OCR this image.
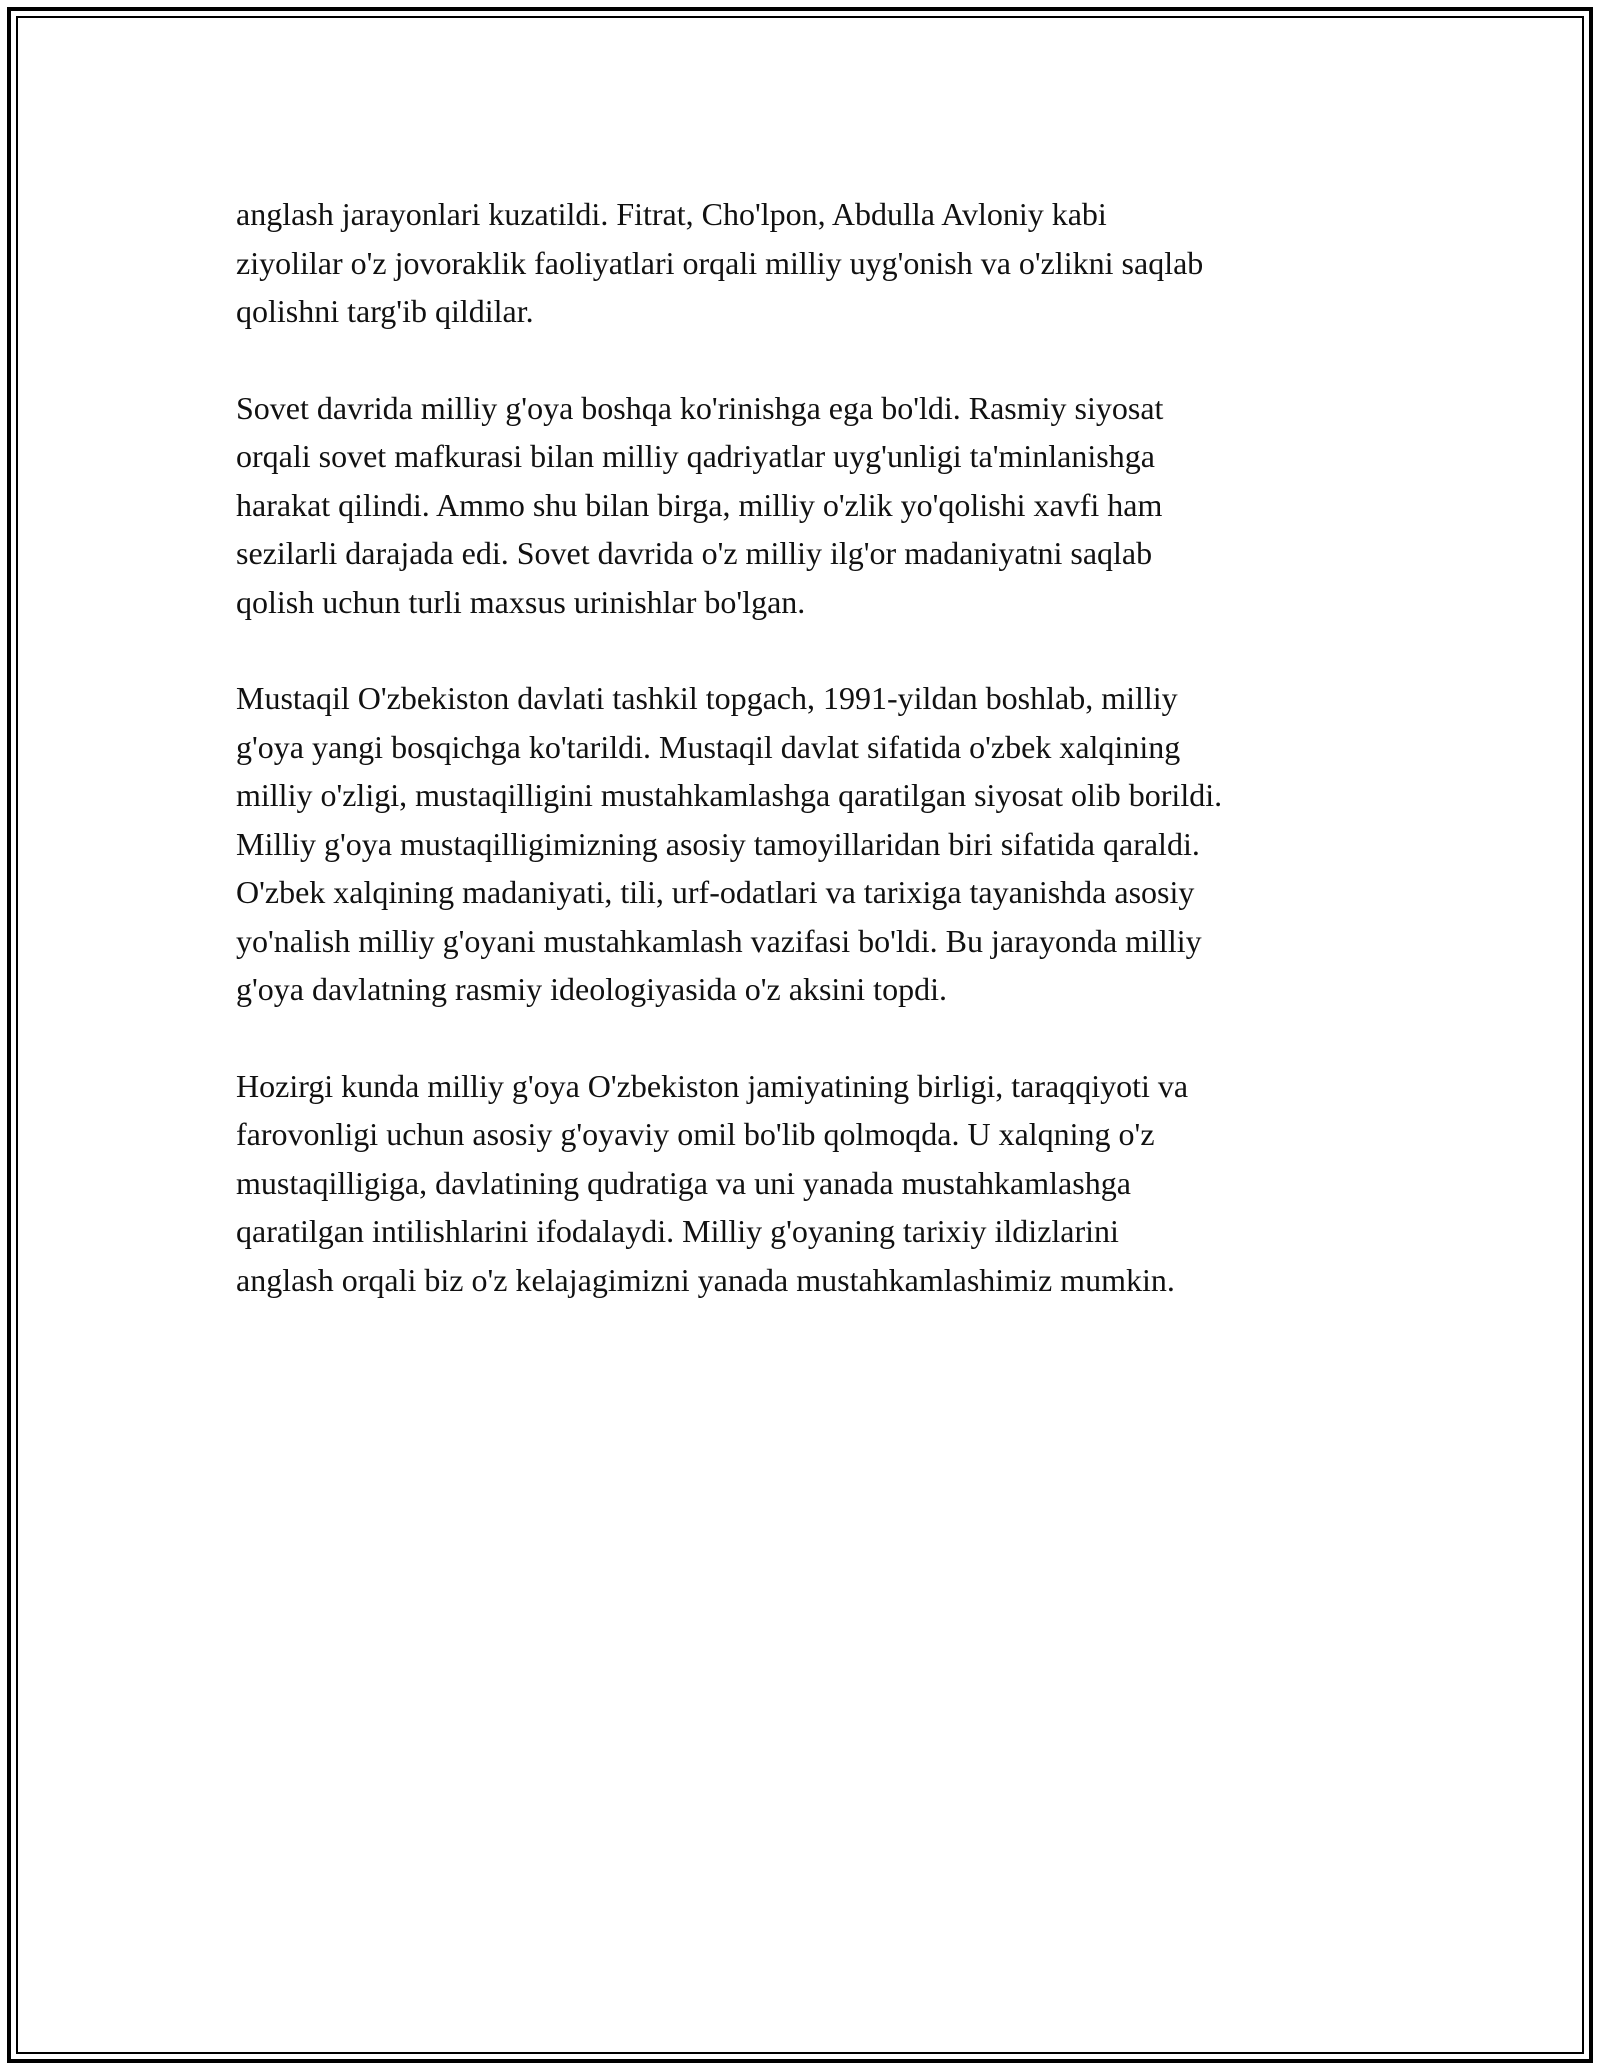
anglash jarayonlari kuzatildi. Fitrat, Cho'lpon, Abdulla Avloniy kabi
ziyolilar o'z jovoraklik faoliyatlari orqali milliy uyg'onish va o'zlikni saqlab
qolishni targ'ib qildilar.

Sovet davrida milliy g'oya boshqa ko'rinishga ega bo'ldi. Rasmiy siyosat
orqali sovet mafkurasi bilan milliy qadriyatlar uyg'unligi ta'minlanishga
harakat qilindi. Ammo shu bilan birga, milliy o'zlik yo'qolishi xavfi ham
sezilarli darajada edi. Sovet davrida o'z milliy ilg'or madaniyatni saqlab
qolish uchun turli maxsus urinishlar bo'lgan.

Mustaqil O'zbekiston davlati tashkil topgach, 1991-yildan boshlab, milliy
g'oya yangi bosqichga ko'tarildi. Mustaqil davlat sifatida o'zbek xalqining
milliy o'zligi, mustaqilligini mustahkamlashga qaratilgan siyosat olib borildi.
Milliy g'oya mustaqilligimizning asosiy tamoyillaridan biri sifatida qaraldi.
O'zbek xalqining madaniyati, tili, urf-odatlari va tarixiga tayanishda asosiy
yo'nalish milliy g'oyani mustahkamlash vazifasi bo'ldi. Bu jarayonda milliy
g'oya davlatning rasmiy ideologiyasida o'z aksini topdi.

Hozirgi kunda milliy g'oya O'zbekiston jamiyatining birligi, taraqqiyoti va
farovonligi uchun asosiy g'oyaviy omil bo'lib qolmoqda. U xalqning o'z
mustaqilligiga, davlatining qudratiga va uni yanada mustahkamlashga
qaratilgan intilishlarini ifodalaydi. Milliy g'oyaning tarixiy ildizlarini
anglash orqali biz o'z kelajagimizni yanada mustahkamlashimiz mumkin.
